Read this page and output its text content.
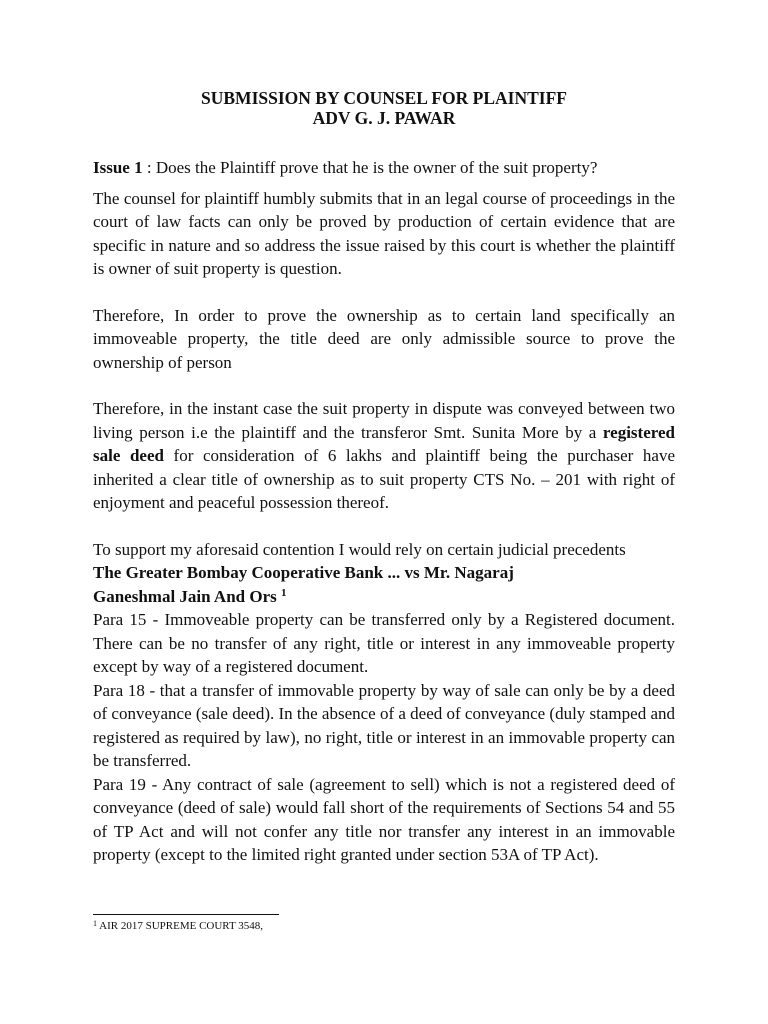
SUBMISSION BY COUNSEL FOR PLAINTIFF
ADV G. J. PAWAR

Issue 1 : Does the Plaintiff prove that he is the owner of the suit property?

The counsel for plaintiff humbly submits that in an legal course of proceedings in the court of law facts can only be proved by production of certain evidence that are specific in nature and so address the issue raised by this court is whether the plaintiff is owner of suit property is question.

Therefore, In order to prove the ownership as to certain land specifically an immoveable property, the title deed are only admissible source to prove the ownership of person

Therefore, in the instant case the suit property in dispute was conveyed between two living person i.e the plaintiff and the transferor Smt. Sunita More by a registered sale deed for consideration of 6 lakhs and plaintiff being the purchaser have inherited a clear title of ownership as to suit property CTS No. – 201 with right of enjoyment and peaceful possession thereof.

To support my aforesaid contention I would rely on certain judicial precedents

The Greater Bombay Cooperative Bank ... vs Mr. Nagaraj
Ganeshmal Jain And Ors $^1$

Para 15 - Immoveable property can be transferred only by a Registered document. There can be no transfer of any right, title or interest in any immoveable property except by way of a registered document.

Para 18 - that a transfer of immovable property by way of sale can only be by a deed of conveyance (sale deed). In the absence of a deed of conveyance (duly stamped and registered as required by law), no right, title or interest in an immovable property can be transferred.

Para 19 - Any contract of sale (agreement to sell) which is not a registered deed of conveyance (deed of sale) would fall short of the requirements of Sections 54 and 55 of TP Act and will not confer any title nor transfer any interest in an immovable property (except to the limited right granted under section 53A of TP Act).

$^1$ AIR 2017 SUPREME COURT 3548,
